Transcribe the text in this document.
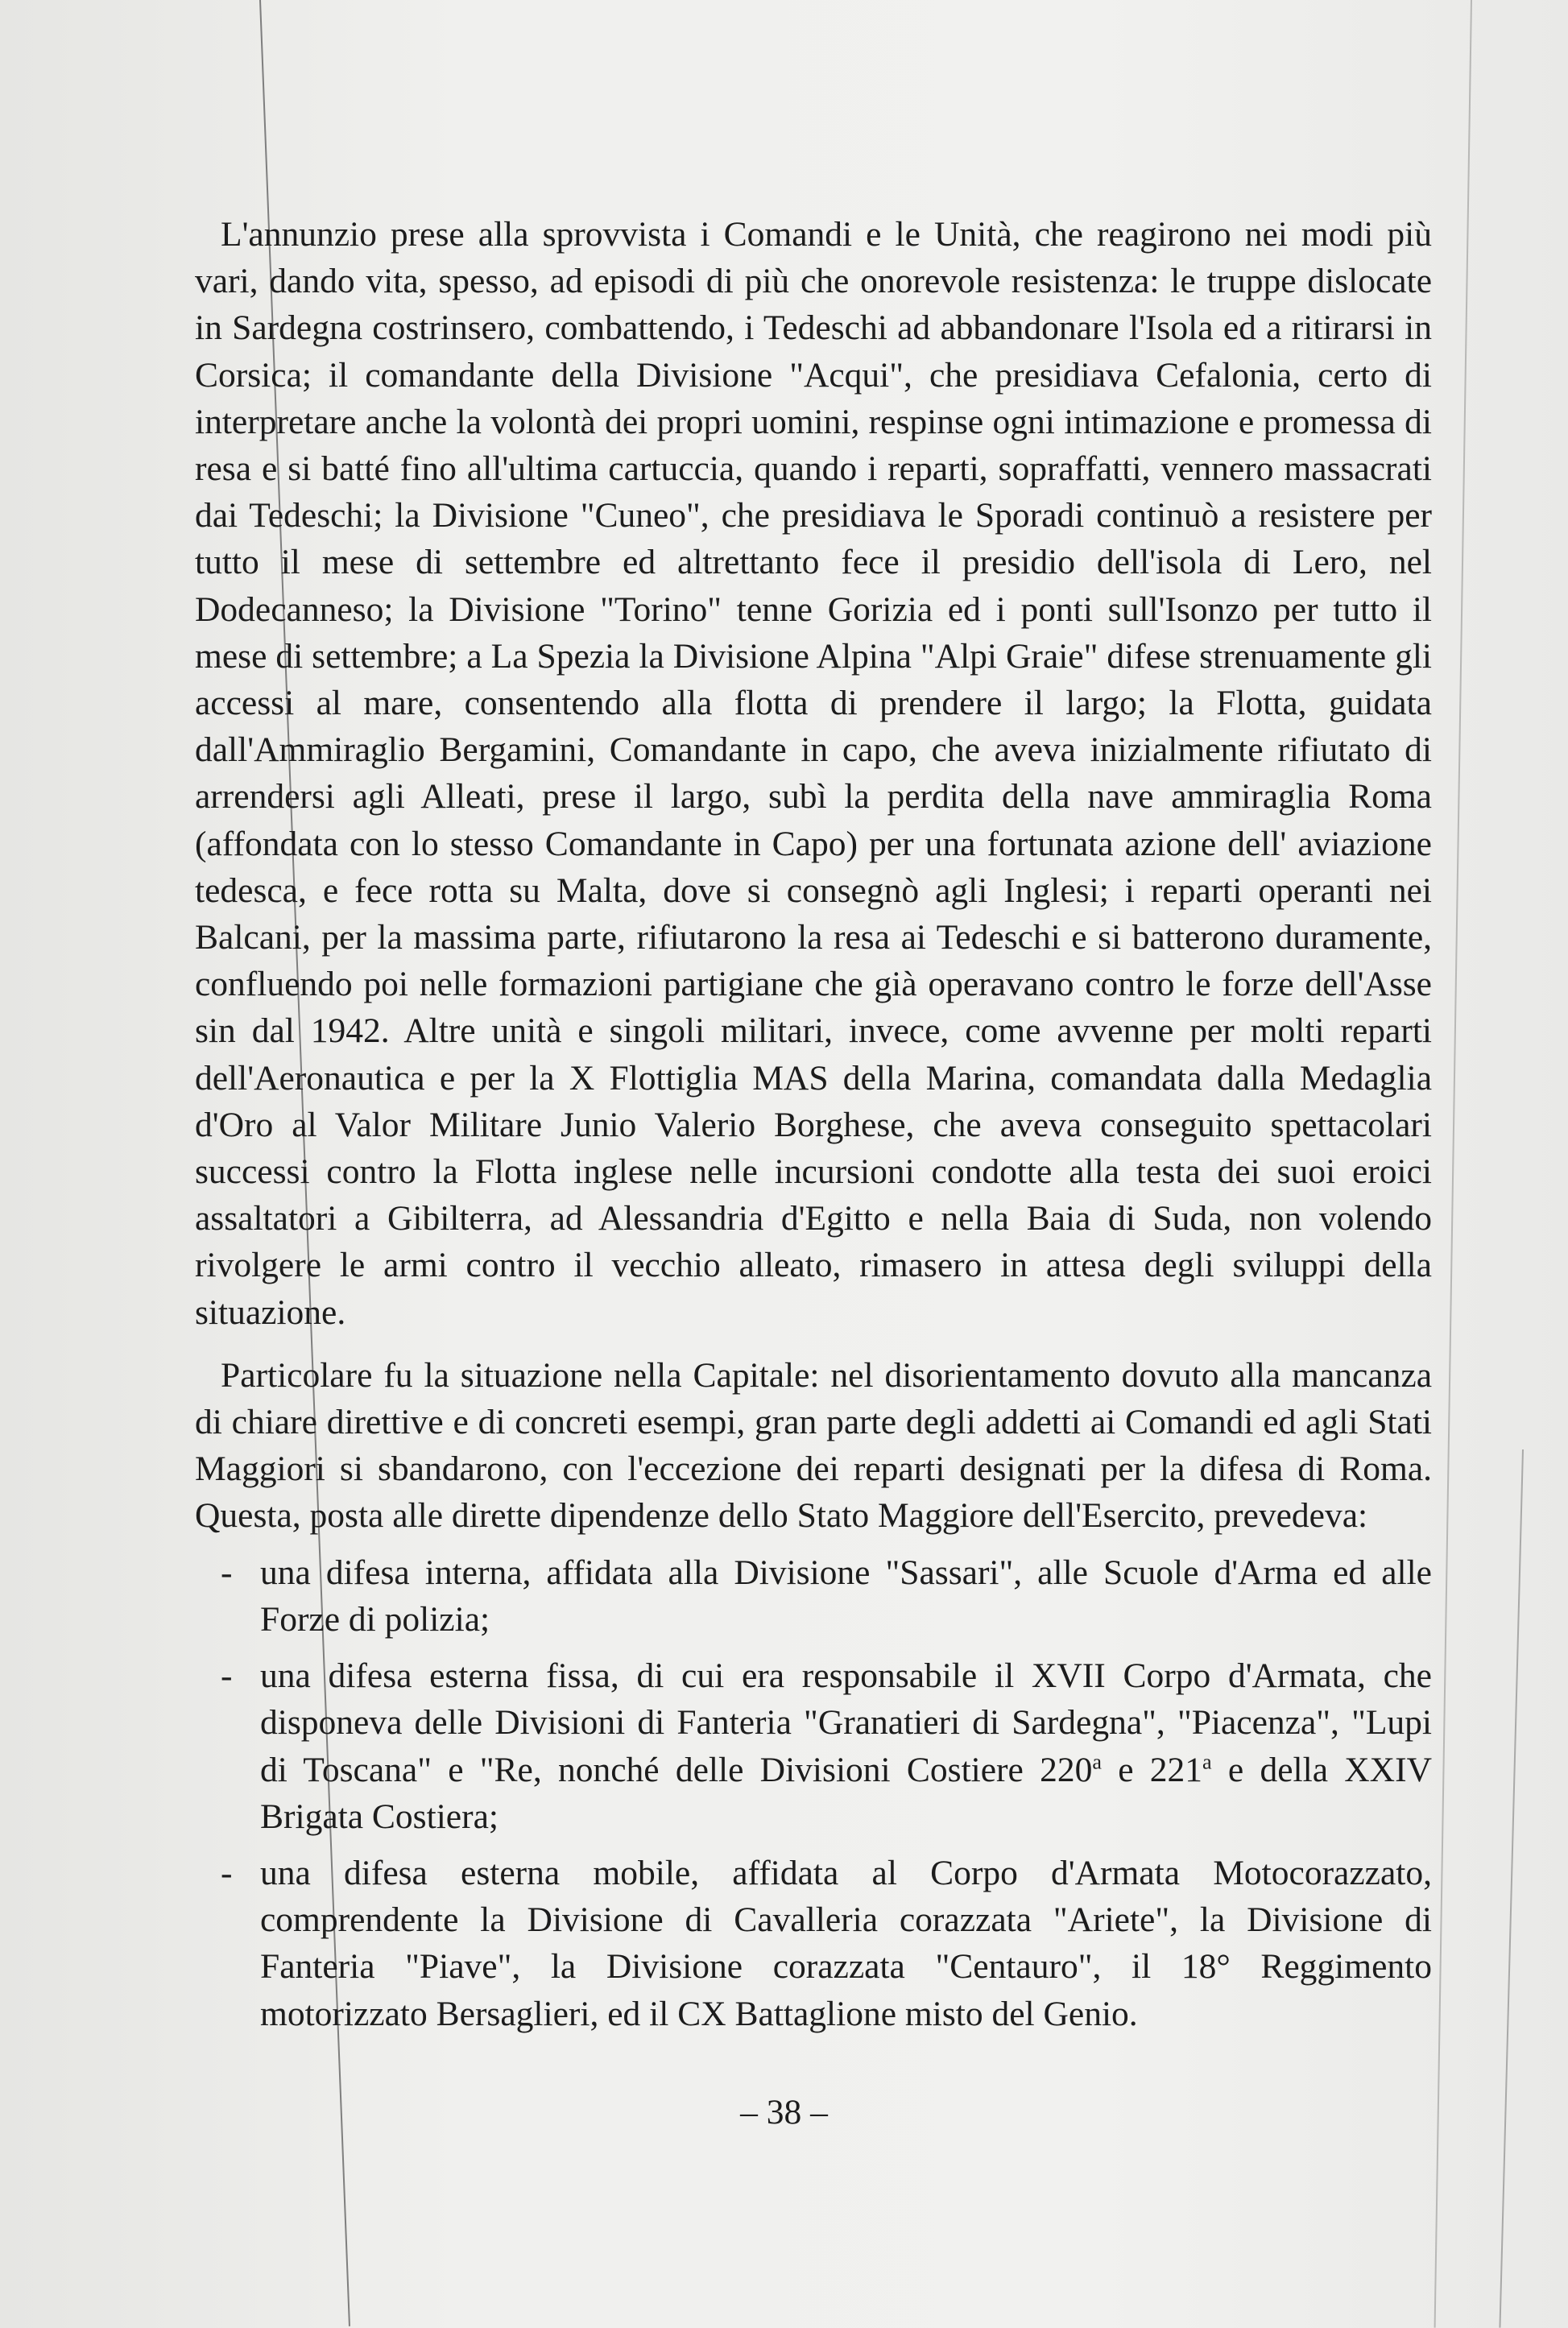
L'annunzio prese alla sprovvista i Comandi e le Unità, che reagirono nei modi più vari, dando vita, spesso, ad episodi di più che onorevole resistenza: le truppe dislocate in Sardegna costrinsero, combattendo, i Tedeschi ad abbandonare l'Isola ed a ritirarsi in Corsica; il comandante della Divisione "Acqui", che presidiava Cefalonia, certo di interpretare anche la volontà dei propri uomini, respinse ogni intimazione e promessa di resa e si batté fino all'ultima cartuccia, quando i reparti, sopraffatti, vennero massacrati dai Tedeschi; la Divisione "Cuneo", che presidiava le Sporadi continuò a resistere per tutto il mese di settembre ed altrettanto fece il presidio dell'isola di Lero, nel Dodecanneso; la Divisione "Torino" tenne Gorizia ed i ponti sull'Isonzo per tutto il mese di settembre; a La Spezia la Divisione Alpina "Alpi Graie" difese strenuamente gli accessi al mare, consentendo alla flotta di prendere il largo; la Flotta, guidata dall'Ammiraglio Bergamini, Comandante in capo, che aveva inizialmente rifiutato di arrendersi agli Alleati, prese il largo, subì la perdita della nave ammiraglia Roma (affondata con lo stesso Comandante in Capo) per una fortunata azione dell' aviazione tedesca, e fece rotta su Malta, dove si consegnò agli Inglesi; i reparti operanti nei Balcani, per la massima parte, rifiutarono la resa ai Tedeschi e si batterono duramente, confluendo poi nelle formazioni partigiane che già operavano contro le forze dell'Asse sin dal 1942. Altre unità e singoli militari, invece, come avvenne per molti reparti dell'Aeronautica e per la X Flottiglia MAS della Marina, comandata dalla Medaglia d'Oro al Valor Militare Junio Valerio Borghese, che aveva conseguito spettacolari successi contro la Flotta inglese nelle incursioni condotte alla testa dei suoi eroici assaltatori a Gibilterra, ad Alessandria d'Egitto e nella Baia di Suda, non volendo rivolgere le armi contro il vecchio alleato, rimasero in attesa degli sviluppi della situazione.

Particolare fu la situazione nella Capitale: nel disorientamento dovuto alla mancanza di chiare direttive e di concreti esempi, gran parte degli addetti ai Comandi ed agli Stati Maggiori si sbandarono, con l'eccezione dei reparti designati per la difesa di Roma. Questa, posta alle dirette dipendenze dello Stato Maggiore dell'Esercito, prevedeva:

- una difesa interna, affidata alla Divisione "Sassari", alle Scuole d'Arma ed alle Forze di polizia;
- una difesa esterna fissa, di cui era responsabile il XVII Corpo d'Armata, che disponeva delle Divisioni di Fanteria "Granatieri di Sardegna", "Piacenza", "Lupi di Toscana" e "Re, nonché delle Divisioni Costiere 220$^a$ e 221$^a$ e della XXIV Brigata Costiera;
- una difesa esterna mobile, affidata al Corpo d'Armata Motocorazzato, comprendente la Divisione di Cavalleria corazzata "Ariete", la Divisione di Fanteria "Piave", la Divisione corazzata "Centauro", il 18° Reggimento motorizzato Bersaglieri, ed il CX Battaglione misto del Genio.
– 38 –
